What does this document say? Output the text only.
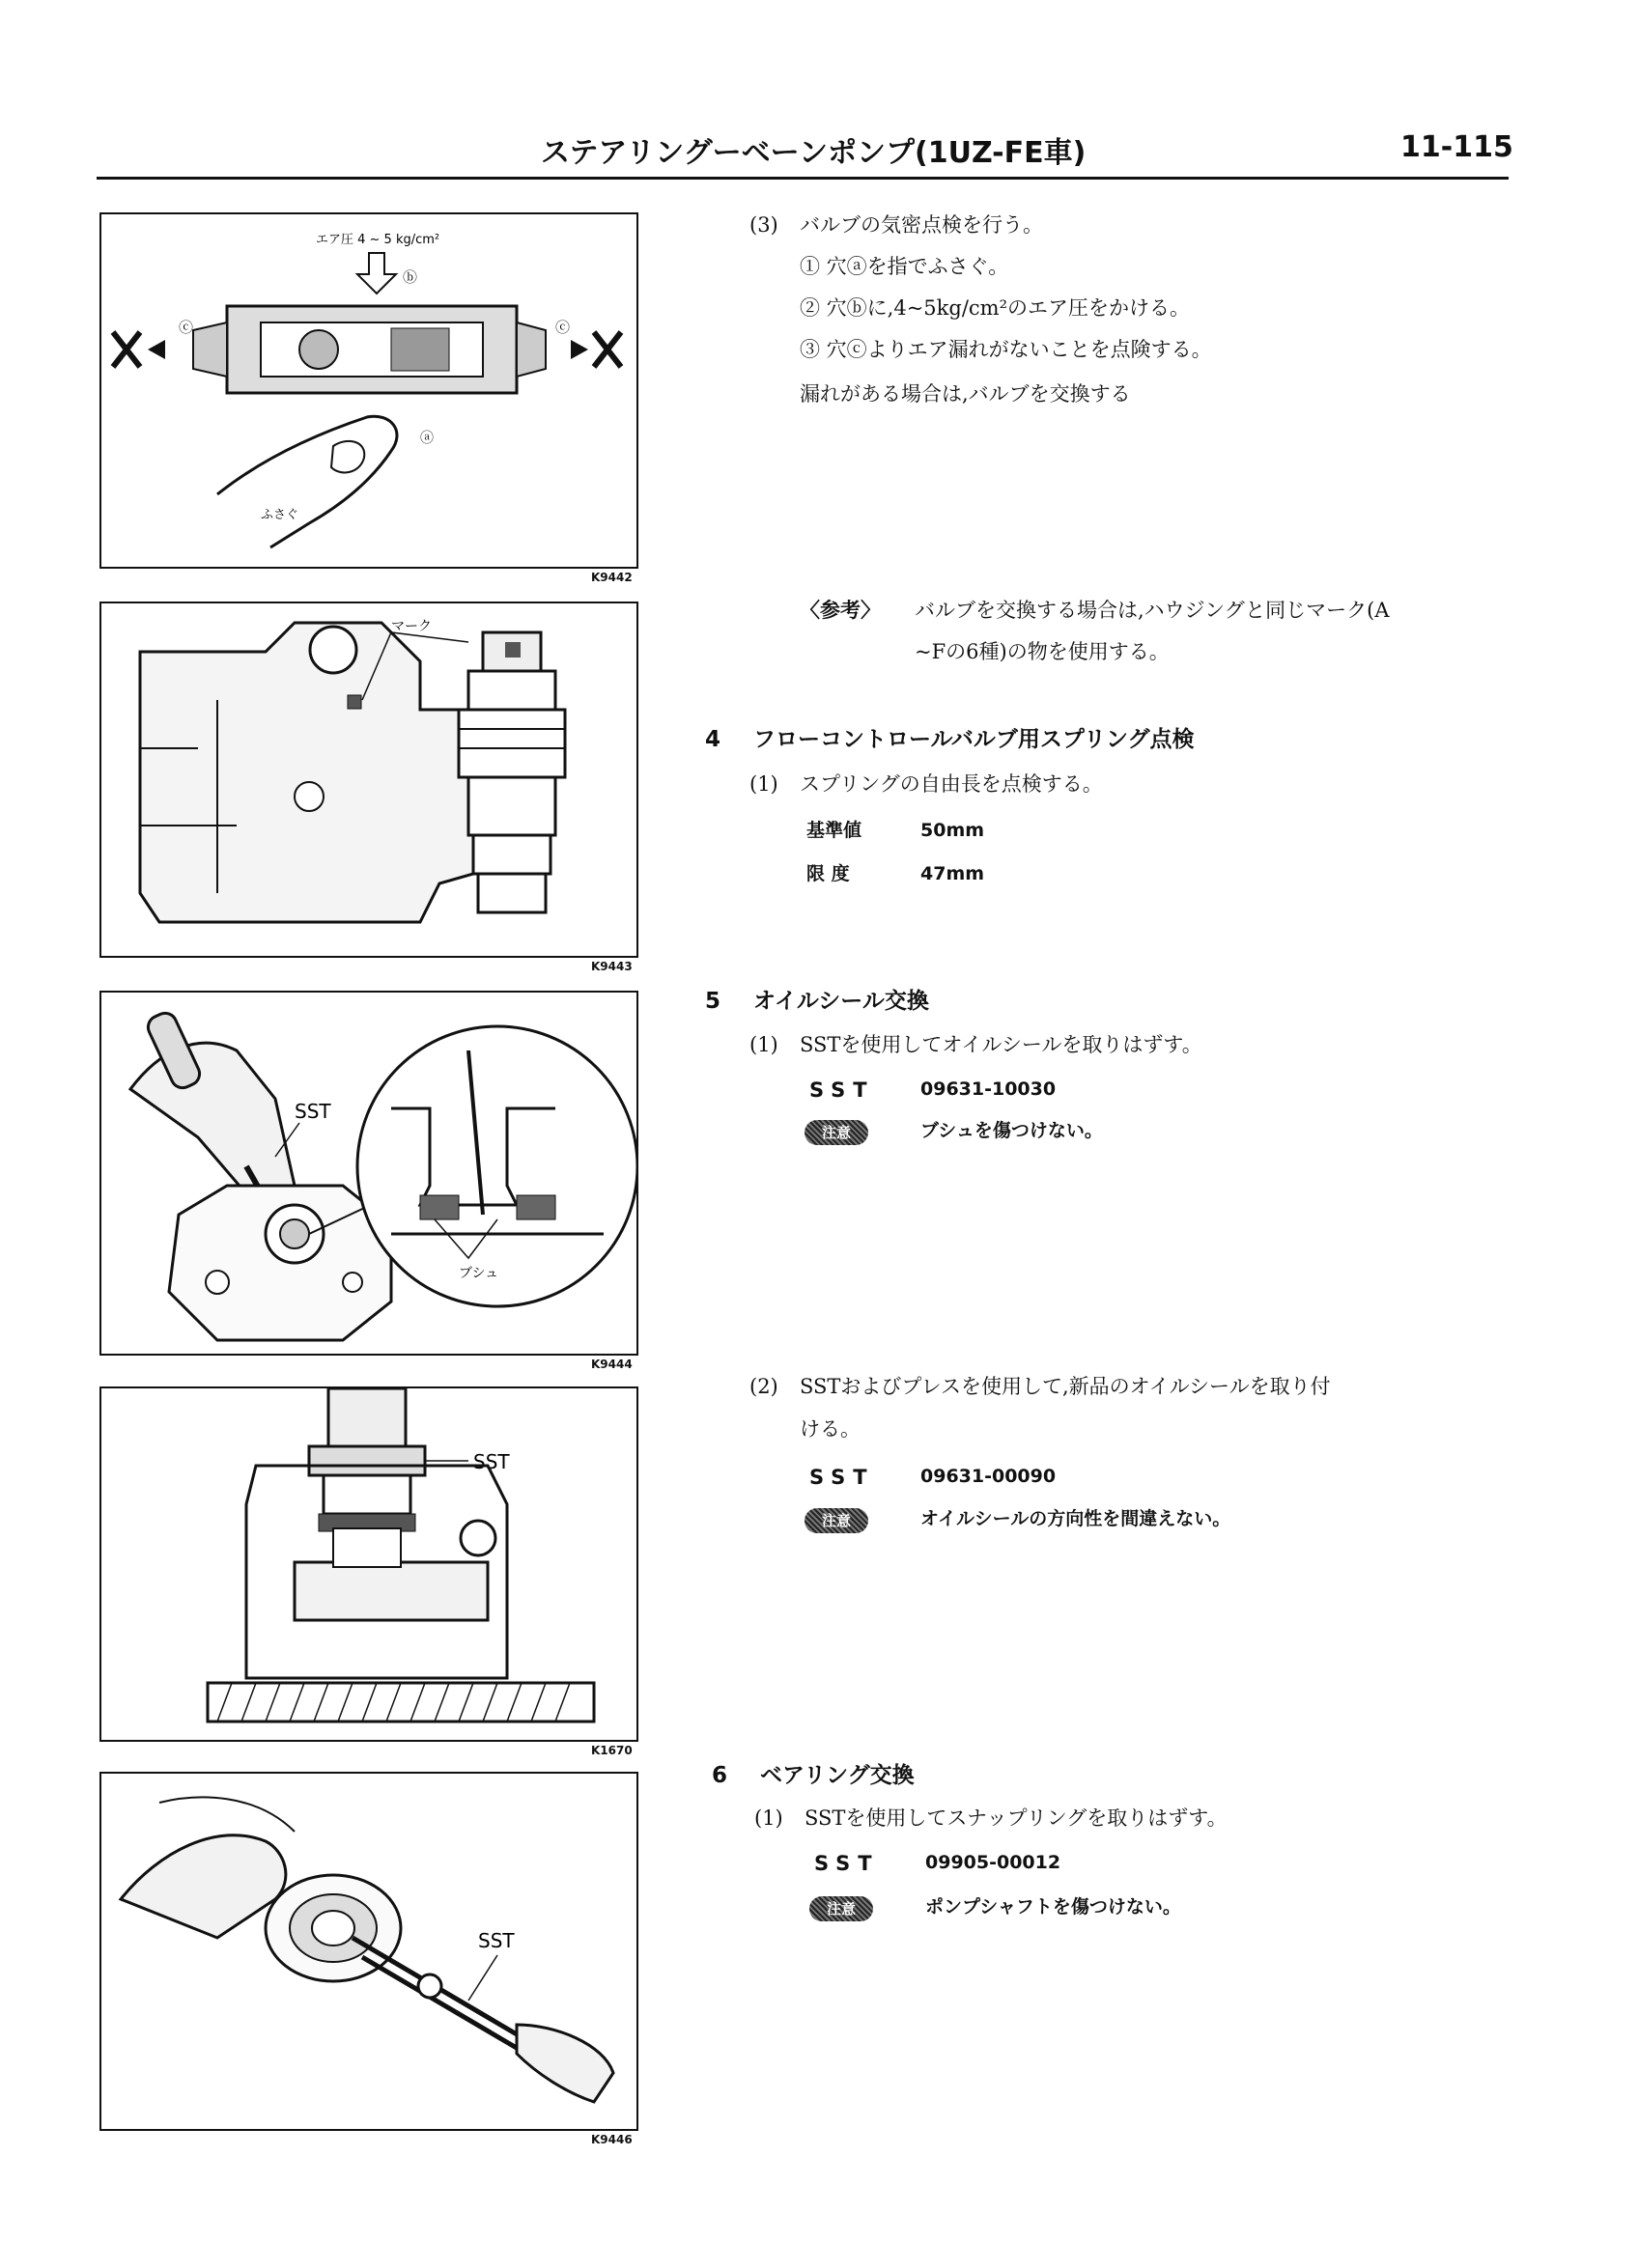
ステアリングーベーンポンプ(1UZ-FE車)	11-115
エア圧 4 ~ 5 kg/cm²
ⓑ
ⓒ	ⓒ
ⓐ
ふさぐ
K9442
マーク
K9443
SST
ブシュ
K9444
SST
K1670
SST
K9446
(3) バルブの気密点検を行う。
① 穴ⓐを指でふさぐ。
② 穴ⓑに,4~5kg/cm²のエア圧をかける。
③ 穴ⓒよりエア漏れがないことを点険する。
漏れがある場合は,バルブを交換する
〈参考〉 バルブを交換する場合は,ハウジングと同じマーク(A
~Fの6種)の物を使用する。
4 フローコントロールバルブ用スプリング点検
(1) スプリングの自由長を点検する。
基準値	50mm
限 度	47mm
5 オイルシール交換
(1) SSTを使用してオイルシールを取りはずす。
SST 09631-10030
注意	ブシュを傷つけない。
(2) SSTおよびプレスを使用して,新品のオイルシールを取り付
ける。
SST 09631-00090
注意	オイルシールの方向性を間違えない。
6 ベアリング交換
(1) SSTを使用してスナップリングを取りはずす。
SST 09905-00012
注意	ポンプシャフトを傷つけない。
